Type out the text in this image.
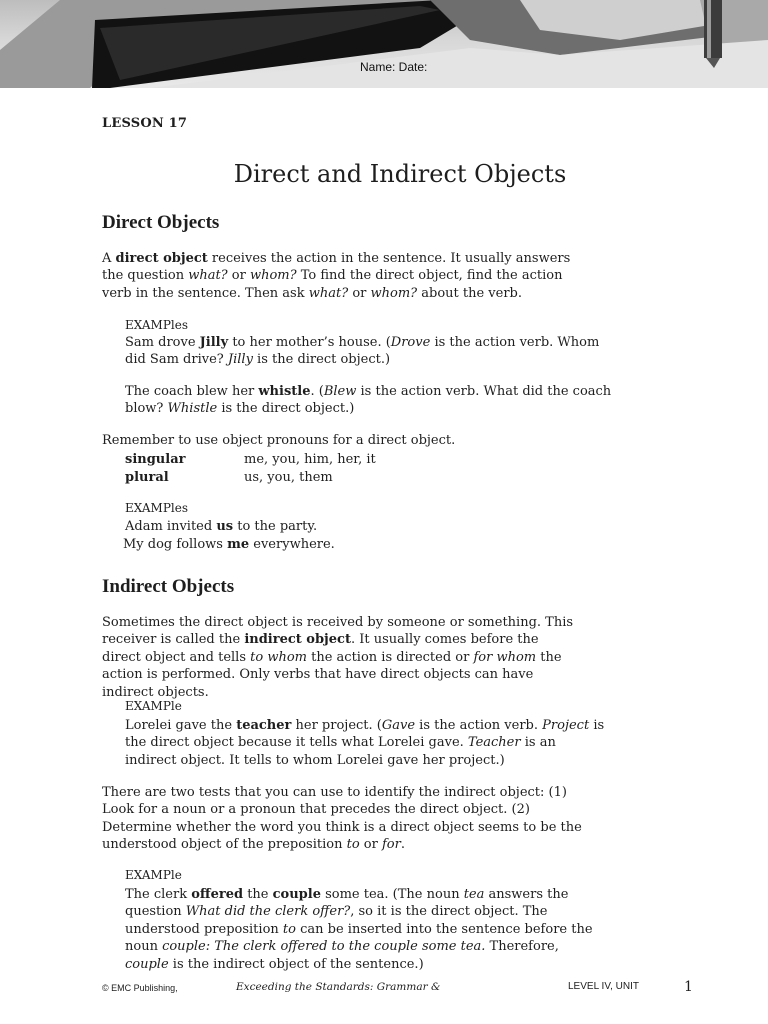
Name: Date:
LESSON 17
Direct and Indirect Objects
Direct Objects

A direct object receives the action in the sentence. It usually answers the question what? or whom? To find the direct object, find the action verb in the sentence. Then ask what? or whom? about the verb.

EXAMPles

Sam drove Jilly to her mother’s house. (Drove is the action verb. Whom did Sam drive? Jilly is the direct object.)

The coach blew her whistle. (Blew is the action verb. What did the coach blow? Whistle is the direct object.)

Remember to use object pronouns for a direct object.

singular	me, you, him, her, it
plural	us, you, them
EXAMPles

Adam invited us to the party.

My dog follows me everywhere.

Indirect Objects

Sometimes the direct object is received by someone or something. This receiver is called the indirect object. It usually comes before the direct object and tells to whom the action is directed or for whom the action is performed. Only verbs that have direct objects can have indirect objects.

EXAMPle

Lorelei gave the teacher her project. (Gave is the action verb. Project is the direct object because it tells what Lorelei gave. Teacher is an indirect object. It tells to whom Lorelei gave her project.)

There are two tests that you can use to identify the indirect object: (1) Look for a noun or a pronoun that precedes the direct object. (2) Determine whether the word you think is a direct object seems to be the understood object of the preposition to or for.

EXAMPle

The clerk offered the couple some tea. (The noun tea answers the question What did the clerk offer?, so it is the direct object. The understood preposition to can be inserted into the sentence before the noun couple: The clerk offered to the couple some tea. Therefore, couple is the indirect object of the sentence.)

© EMC Publishing,	Exceeding the Standards: Grammar &	LEVEL IV, UNIT	1
